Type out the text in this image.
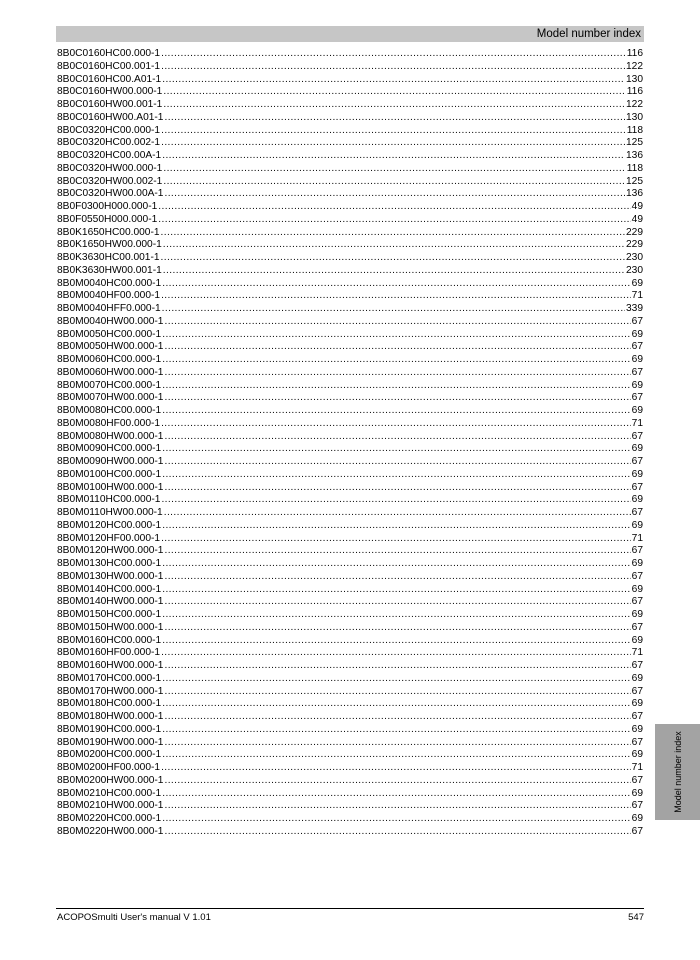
Model number index
8B0C0160HC00.000-1 .....	116
8B0C0160HC00.001-1 .....	122
8B0C0160HC00.A01-1 .....	130
8B0C0160HW00.000-1 .....	116
8B0C0160HW00.001-1 .....	122
8B0C0160HW00.A01-1 .....	130
8B0C0320HC00.000-1 .....	118
8B0C0320HC00.002-1 .....	125
8B0C0320HC00.00A-1 .....	136
8B0C0320HW00.000-1 .....	118
8B0C0320HW00.002-1 .....	125
8B0C0320HW00.00A-1 .....	136
8B0F0300H000.000-1 .....	49
8B0F0550H000.000-1 .....	49
8B0K1650HC00.000-1 .....	229
8B0K1650HW00.000-1 .....	229
8B0K3630HC00.001-1 .....	230
8B0K3630HW00.001-1 .....	230
8B0M0040HC00.000-1 .....	69
8B0M0040HF00.000-1 .....	71
8B0M0040HFF0.000-1 .....	339
8B0M0040HW00.000-1 .....	67
8B0M0050HC00.000-1 .....	69
8B0M0050HW00.000-1 .....	67
8B0M0060HC00.000-1 .....	69
8B0M0060HW00.000-1 .....	67
8B0M0070HC00.000-1 .....	69
8B0M0070HW00.000-1 .....	67
8B0M0080HC00.000-1 .....	69
8B0M0080HF00.000-1 .....	71
8B0M0080HW00.000-1 .....	67
8B0M0090HC00.000-1 .....	69
8B0M0090HW00.000-1 .....	67
8B0M0100HC00.000-1 .....	69
8B0M0100HW00.000-1 .....	67
8B0M0110HC00.000-1 .....	69
8B0M0110HW00.000-1 .....	67
8B0M0120HC00.000-1 .....	69
8B0M0120HF00.000-1 .....	71
8B0M0120HW00.000-1 .....	67
8B0M0130HC00.000-1 .....	69
8B0M0130HW00.000-1 .....	67
8B0M0140HC00.000-1 .....	69
8B0M0140HW00.000-1 .....	67
8B0M0150HC00.000-1 .....	69
8B0M0150HW00.000-1 .....	67
8B0M0160HC00.000-1 .....	69
8B0M0160HF00.000-1 .....	71
8B0M0160HW00.000-1 .....	67
8B0M0170HC00.000-1 .....	69
8B0M0170HW00.000-1 .....	67
8B0M0180HC00.000-1 .....	69
8B0M0180HW00.000-1 .....	67
8B0M0190HC00.000-1 .....	69
8B0M0190HW00.000-1 .....	67
8B0M0200HC00.000-1 .....	69
8B0M0200HF00.000-1 .....	71
8B0M0200HW00.000-1 .....	67
8B0M0210HC00.000-1 .....	69
8B0M0210HW00.000-1 .....	67
8B0M0220HC00.000-1 .....	69
8B0M0220HW00.000-1 .....	67
Model number index
ACOPOSmulti User's manual V 1.01	547
